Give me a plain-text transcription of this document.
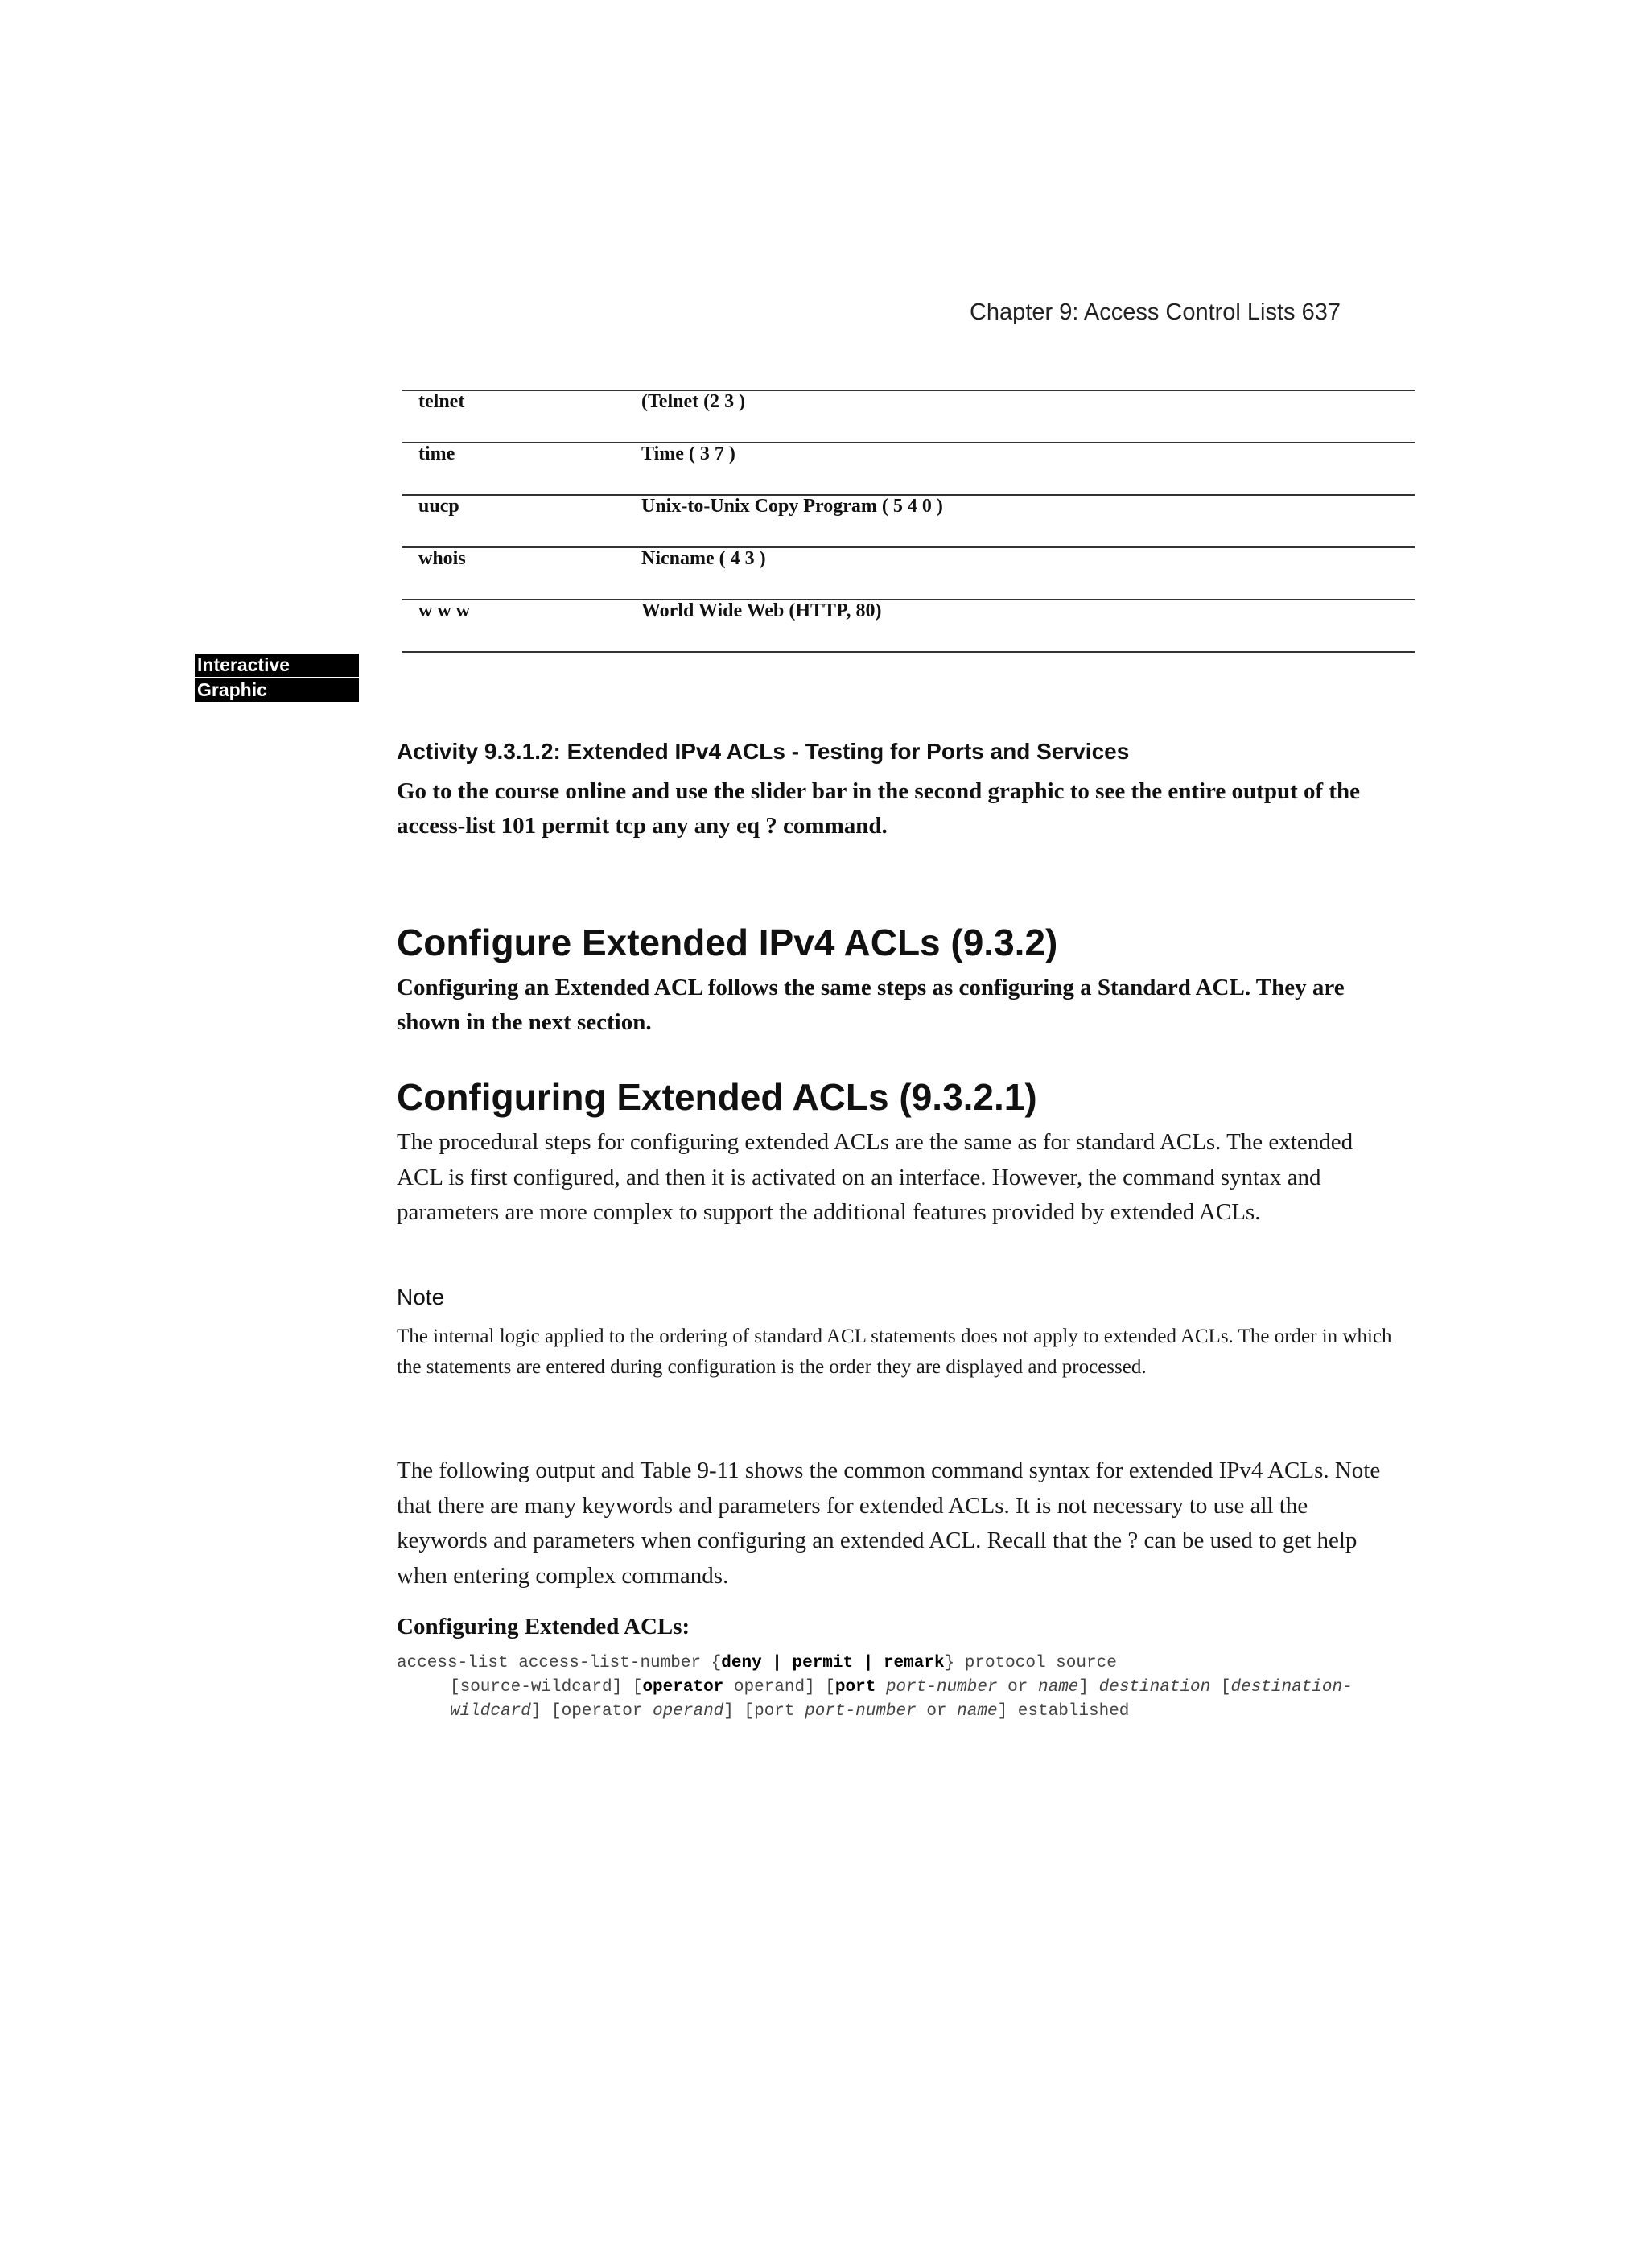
Chapter 9: Access Control Lists 637
telnet	(Telnet (2 3 )
time	Time ( 3 7 )
uucp	Unix-to-Unix Copy Program ( 5 4 0 )
whois	Nicname ( 4 3 )
w w w	World Wide Web (HTTP, 80)
Interactive
Graphic
Activity 9.3.1.2: Extended IPv4 ACLs - Testing for Ports and Services
Go to the course online and use the slider bar in the second graphic to see the entire output of the access-list 101 permit tcp any any eq ? command.
Configure Extended IPv4 ACLs (9.3.2)
Configuring an Extended ACL follows the same steps as configuring a Standard ACL. They are shown in the next section.
Configuring Extended ACLs (9.3.2.1)
The procedural steps for configuring extended ACLs are the same as for standard ACLs. The extended ACL is first configured, and then it is activated on an interface. However, the command syntax and parameters are more complex to support the additional features provided by extended ACLs.
Note
The internal logic applied to the ordering of standard ACL statements does not apply to extended ACLs. The order in which the statements are entered during configuration is the order they are displayed and processed.
The following output and Table 9-11 shows the common command syntax for extended IPv4 ACLs. Note that there are many keywords and parameters for extended ACLs. It is not necessary to use all the keywords and parameters when configuring an extended ACL. Recall that the ? can be used to get help when entering complex commands.
Configuring Extended ACLs:
access-list access-list-number {deny | permit | remark} protocol source
[source-wildcard] [operator operand] [port port-number or name] destination [destination-
wildcard] [operator operand] [port port-number or name] established
